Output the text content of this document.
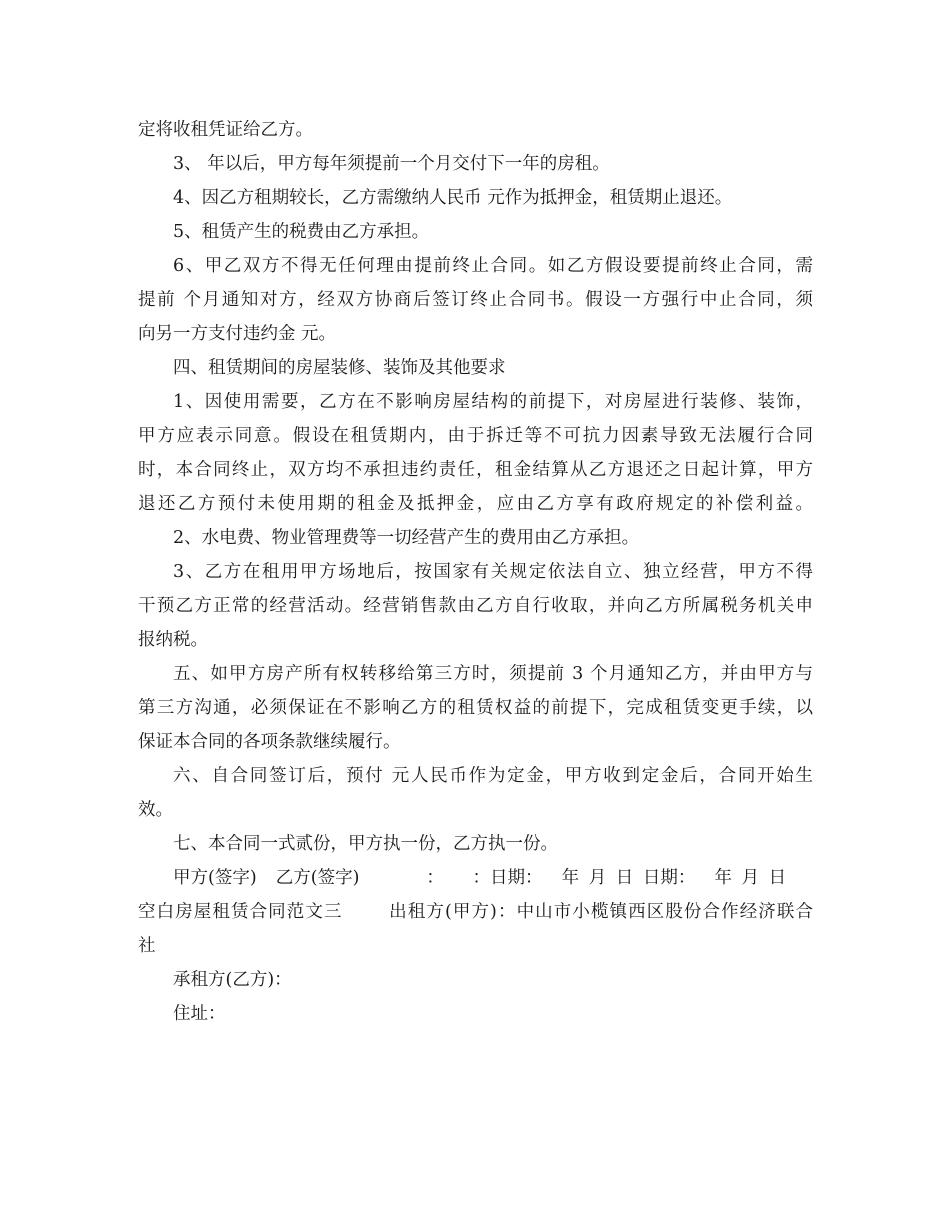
定将收租凭证给乙方。
3、 年以后，甲方每年须提前一个月交付下一年的房租。
4、因乙方租期较长，乙方需缴纳人民币 元作为抵押金，租赁期止退还。
5、租赁产生的税费由乙方承担。
6、甲乙双方不得无任何理由提前终止合同。如乙方假设要提前终止合同，需
提前 个月通知对方，经双方协商后签订终止合同书。假设一方强行中止合同，须
向另一方支付违约金 元。
四、租赁期间的房屋装修、装饰及其他要求
1、因使用需要，乙方在不影响房屋结构的前提下，对房屋进行装修、装饰，
甲方应表示同意。假设在租赁期内，由于拆迁等不可抗力因素导致无法履行合同
时，本合同终止，双方均不承担违约责任，租金结算从乙方退还之日起计算，甲方
退还乙方预付未使用期的租金及抵押金，应由乙方享有政府规定的补偿利益。
2、水电费、物业管理费等一切经营产生的费用由乙方承担。
3、乙方在租用甲方场地后，按国家有关规定依法自立、独立经营，甲方不得
干预乙方正常的经营活动。经营销售款由乙方自行收取，并向乙方所属税务机关申
报纳税。
五、如甲方房产所有权转移给第三方时，须提前 3 个月通知乙方，并由甲方与
第三方沟通，必须保证在不影响乙方的租赁权益的前提下，完成租赁变更手续，以
保证本合同的各项条款继续履行。
六、自合同签订后，预付 元人民币作为定金，甲方收到定金后，合同开始生
效。
七、本合同一式贰份，甲方执一份，乙方执一份。
甲方(签字)  乙方(签字)       ：   ：日期：  年 月 日 日期：  年 月 日
空白房屋租赁合同范文三       出租方(甲方)：中山市小榄镇西区股份合作经济联合
社
承租方(乙方)：
住址：
